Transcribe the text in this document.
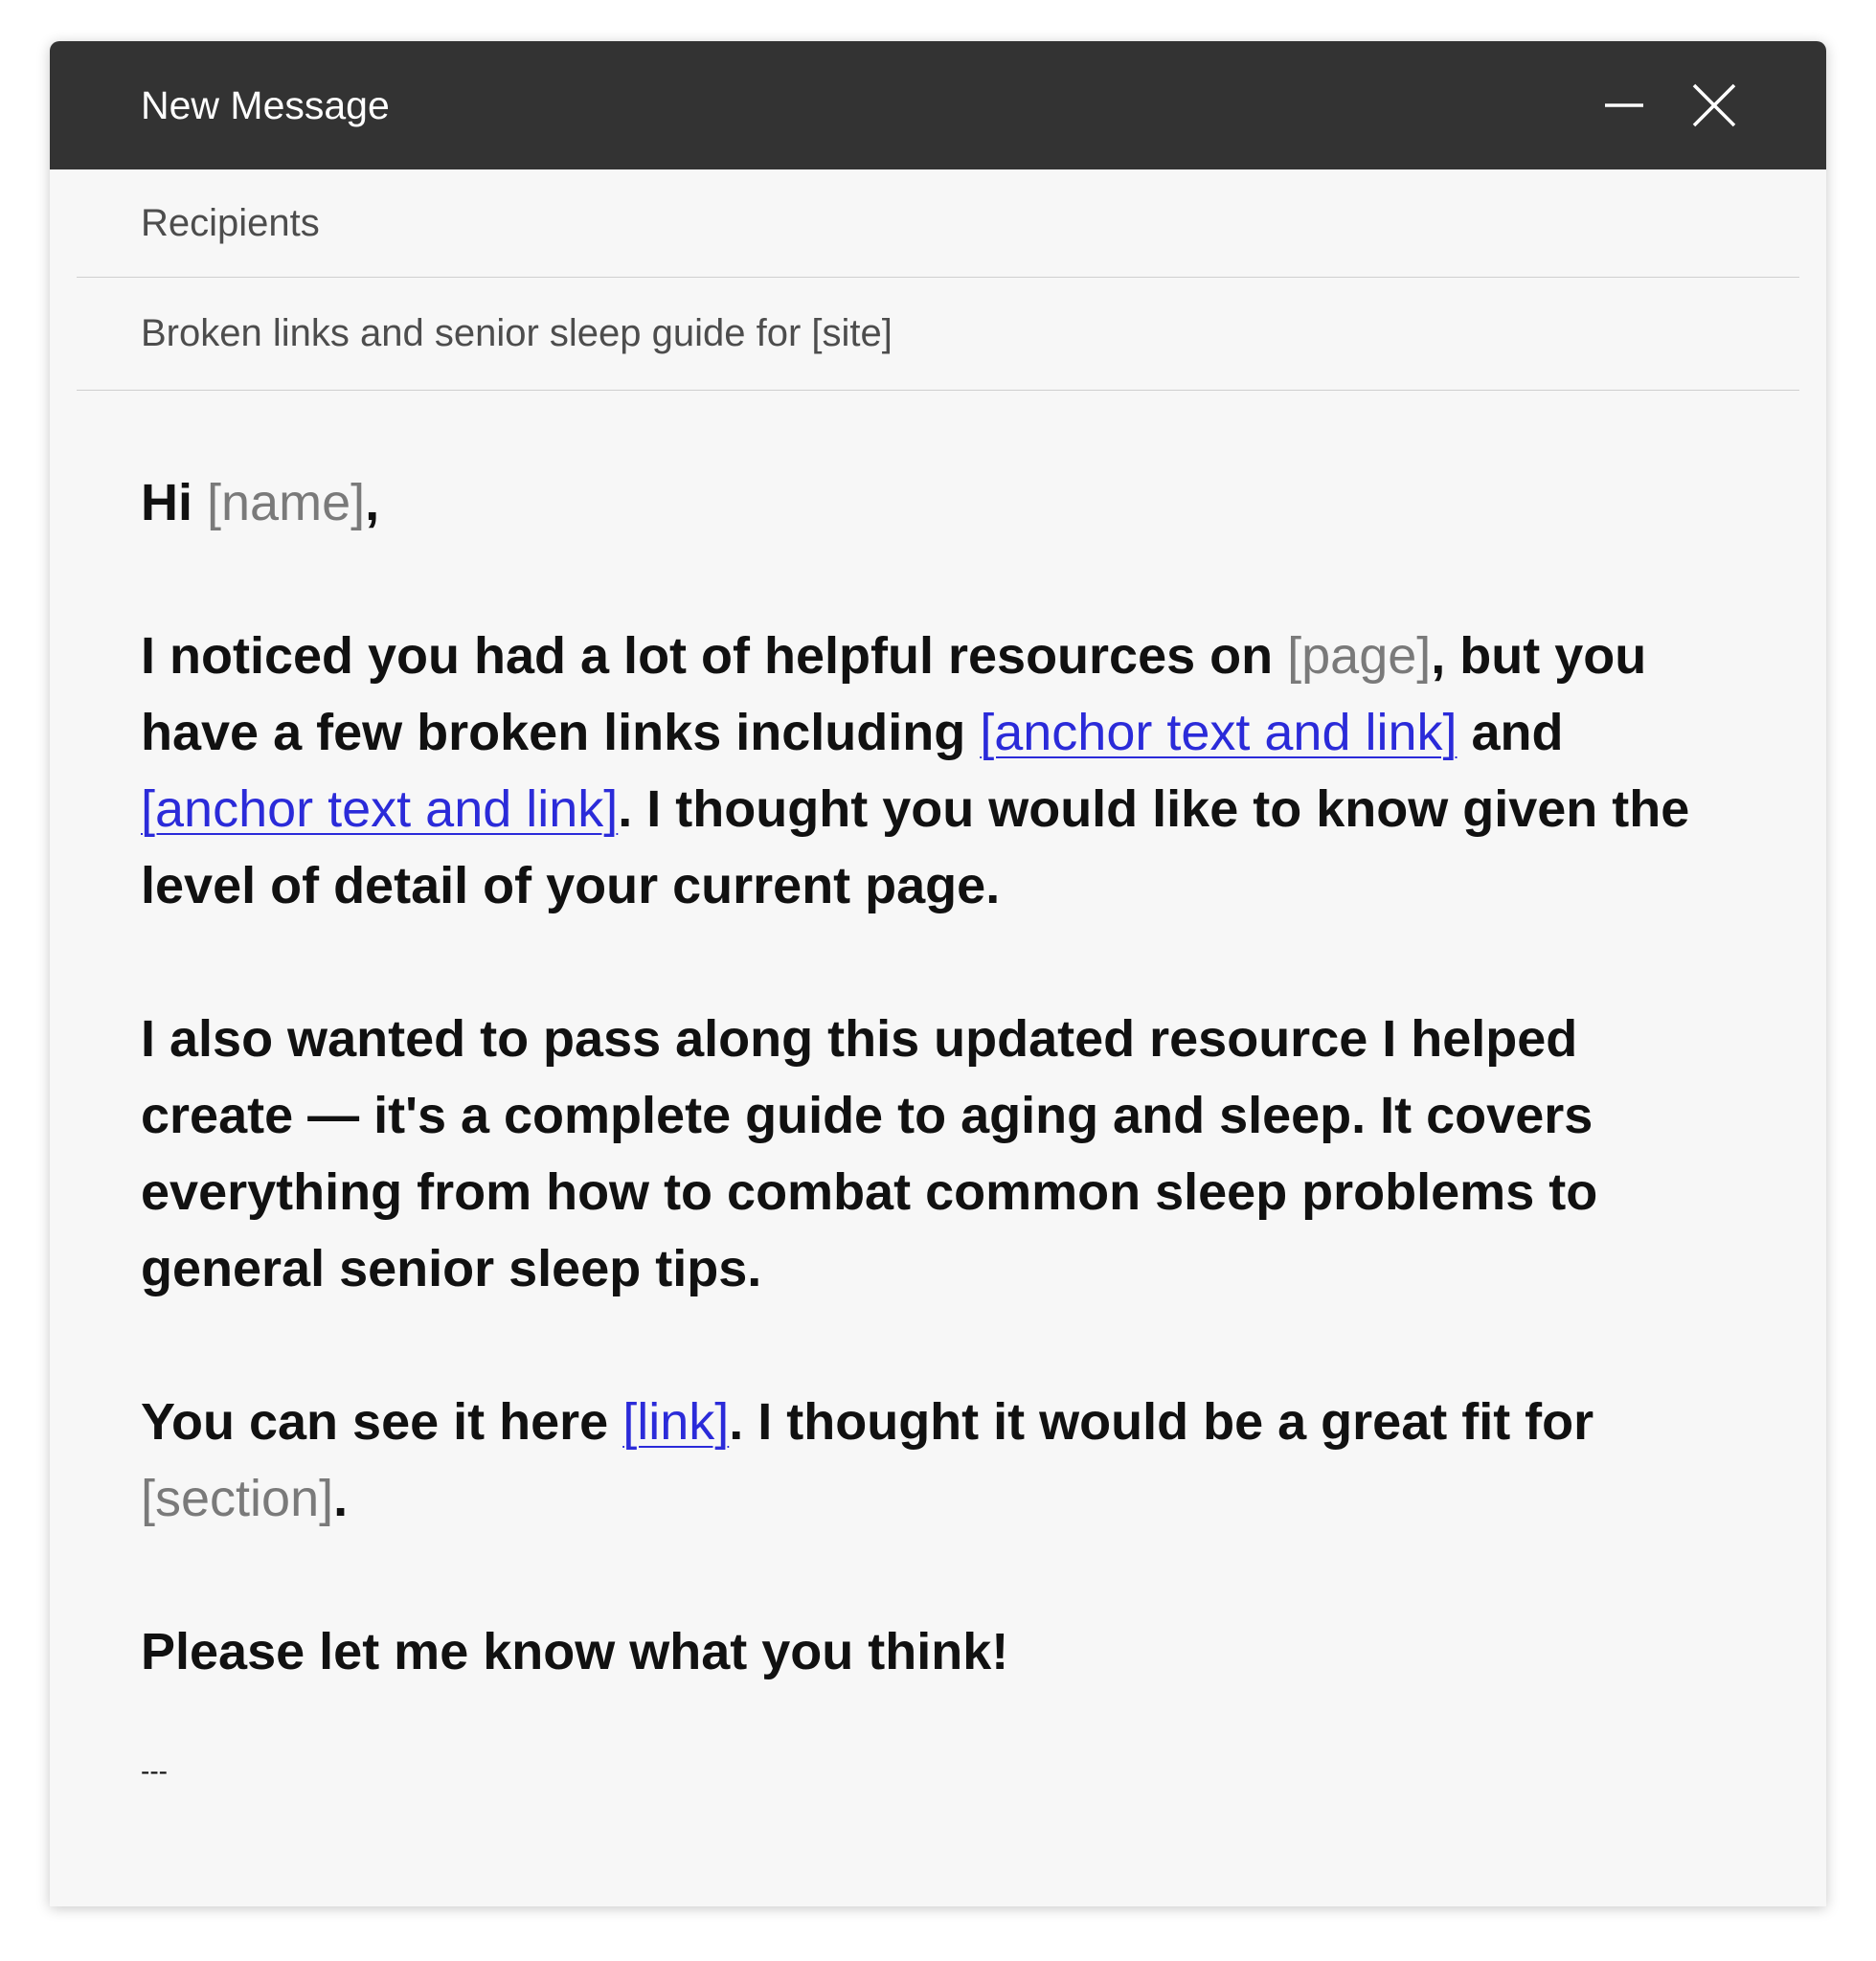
New Message
Recipients
Broken links and senior sleep guide for [site]

Hi [name],

I noticed you had a lot of helpful resources on [page], but you have a few broken links including [anchor text and link] and
[anchor text and link]. I thought you would like to know given the level of detail of your current page.

I also wanted to pass along this updated resource I helped create — it's a complete guide to aging and sleep. It covers everything from how to combat common sleep problems to general senior sleep tips.

You can see it here [link]. I thought it would be a great fit for [section].

Please let me know what you think!

---
